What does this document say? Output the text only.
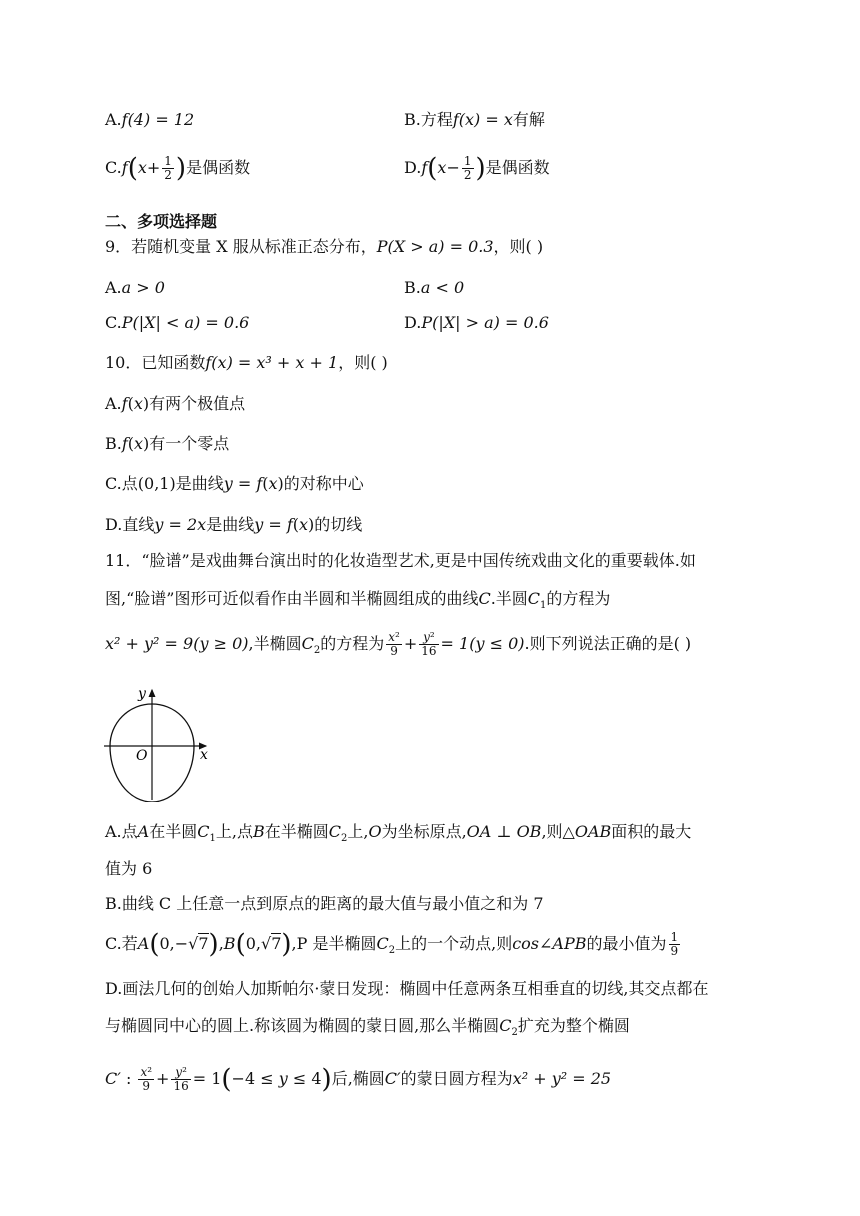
A.f(4) = 12	B.方程f(x) = x有解
$C.f(x+ \frac{1}{2}$ )是偶函数	$D.f(x- \frac{1}{2}$ )是偶函数
二、多项选择题
9．若随机变量 X 服从标准正态分布，P(X > a) = 0.3，则( )
A.a > 0	B.a < 0
C.P(|X| < a) = 0.6	D.P(|X| > a) = 0.6
10．已知函数f(x) = x³ + x + 1，则( )
A.f(x)有两个极值点
B.f(x)有一个零点
C.点(0,1)是曲线y = f(x)的对称中心
D.直线y = 2x是曲线y = f(x)的切线
11．“脸谱”是戏曲舞台演出时的化妆造型艺术,更是中国传统戏曲文化的重要载体.如
图,“脸谱”图形可近似看作由半圆和半椭圆组成的曲线C.半圆$C_1$的方程为
x² + y² = 9(y ≥ 0),半椭圆$C_2$的方程为 $\frac{\text{x²}}{9} + \frac{\text{y²}}{16} = 1(y \le 0)$.则下列说法正确的是( )
y
x
O
A.点A在半圆$C_1$上,点B在半椭圆$C_2$上,O为坐标原点,OA ⊥ OB,则△OAB面积的最大
值为 6
B.曲线 C 上任意一点到原点的距离的最大值与最小值之和为 7
C.若A(0,−√7),B(0,√7),P 是半椭圆$C_2$上的一个动点,则cos∠APB的最小值为 $\frac{1}{9}$
D.画法几何的创始人加斯帕尔·蒙日发现：椭圆中任意两条互相垂直的切线,其交点都在
与椭圆同中心的圆上.称该圆为椭圆的蒙日圆,那么半椭圆$C_2$扩充为整个椭圆
C′ : $\frac{\text{x²}}{9} + \frac{\text{y²}}{16} = 1(-4 \le y \le 4)$后,椭圆C′的蒙日圆方程为x² + y² = 25
